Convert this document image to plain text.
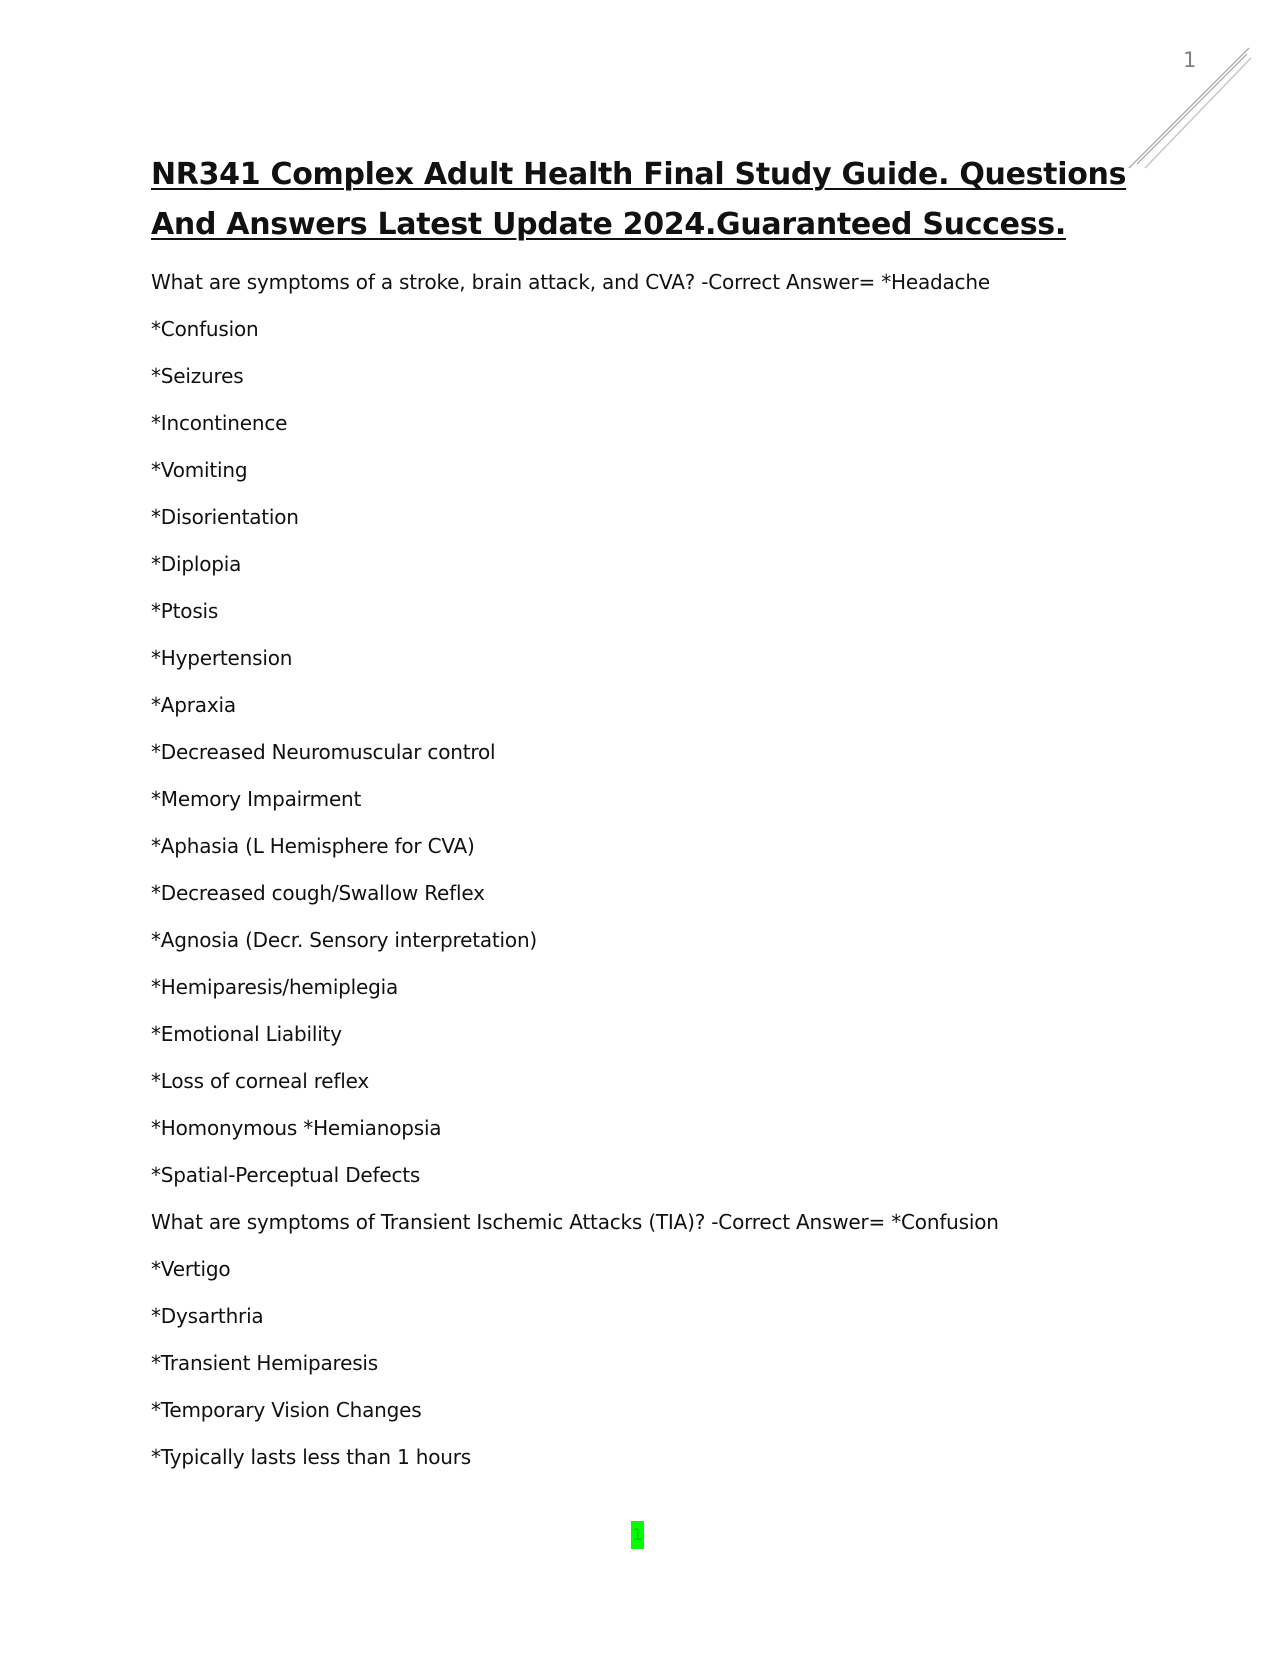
1
NR341 Complex Adult Health Final Study Guide. Questions And Answers Latest Update 2024.Guaranteed Success.

What are symptoms of a stroke, brain attack, and CVA? -Correct Answer= *Headache

*Confusion

*Seizures

*Incontinence

*Vomiting

*Disorientation

*Diplopia

*Ptosis

*Hypertension

*Apraxia

*Decreased Neuromuscular control

*Memory Impairment

*Aphasia (L Hemisphere for CVA)

*Decreased cough/Swallow Reflex

*Agnosia (Decr. Sensory interpretation)

*Hemiparesis/hemiplegia

*Emotional Liability

*Loss of corneal reflex

*Homonymous *Hemianopsia

*Spatial-Perceptual Defects

What are symptoms of Transient Ischemic Attacks (TIA)? -Correct Answer= *Confusion

*Vertigo

*Dysarthria

*Transient Hemiparesis

*Temporary Vision Changes

*Typically lasts less than 1 hours

1
